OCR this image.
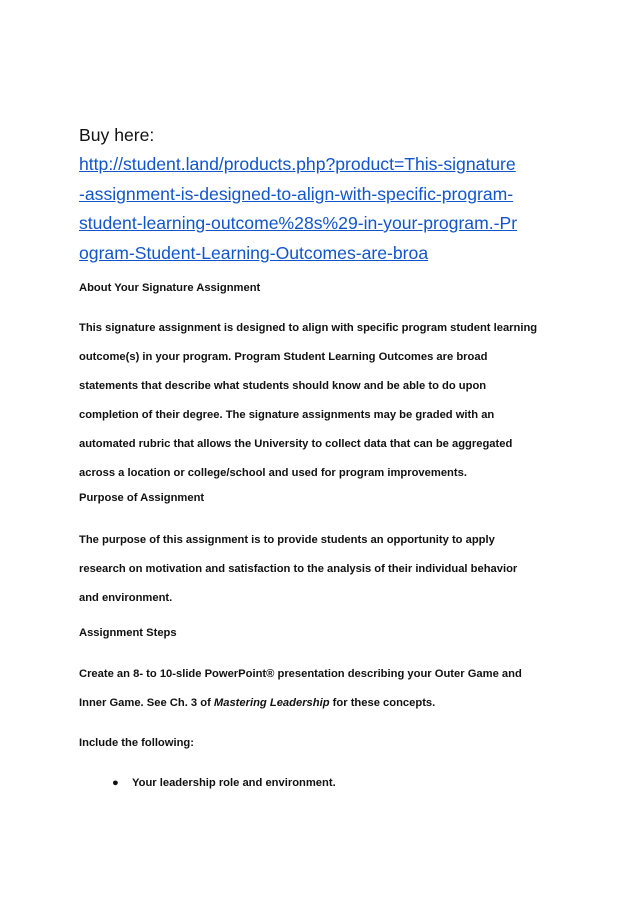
Buy here:
http://student.land/products.php?product=This-signature
-assignment-is-designed-to-align-with-specific-program-
student-learning-outcome%28s%29-in-your-program.-Pr
ogram-Student-Learning-Outcomes-are-broa
About Your Signature Assignment
This signature assignment is designed to align with specific program student learning
outcome(s) in your program. Program Student Learning Outcomes are broad
statements that describe what students should know and be able to do upon
completion of their degree. The signature assignments may be graded with an
automated rubric that allows the University to collect data that can be aggregated
across a location or college/school and used for program improvements.
Purpose of Assignment
The purpose of this assignment is to provide students an opportunity to apply
research on motivation and satisfaction to the analysis of their individual behavior
and environment.
Assignment Steps
Create an 8- to 10-slide PowerPoint® presentation describing your Outer Game and
Inner Game. See Ch. 3 of Mastering Leadership for these concepts.
Include the following:
● Your leadership role and environment.
